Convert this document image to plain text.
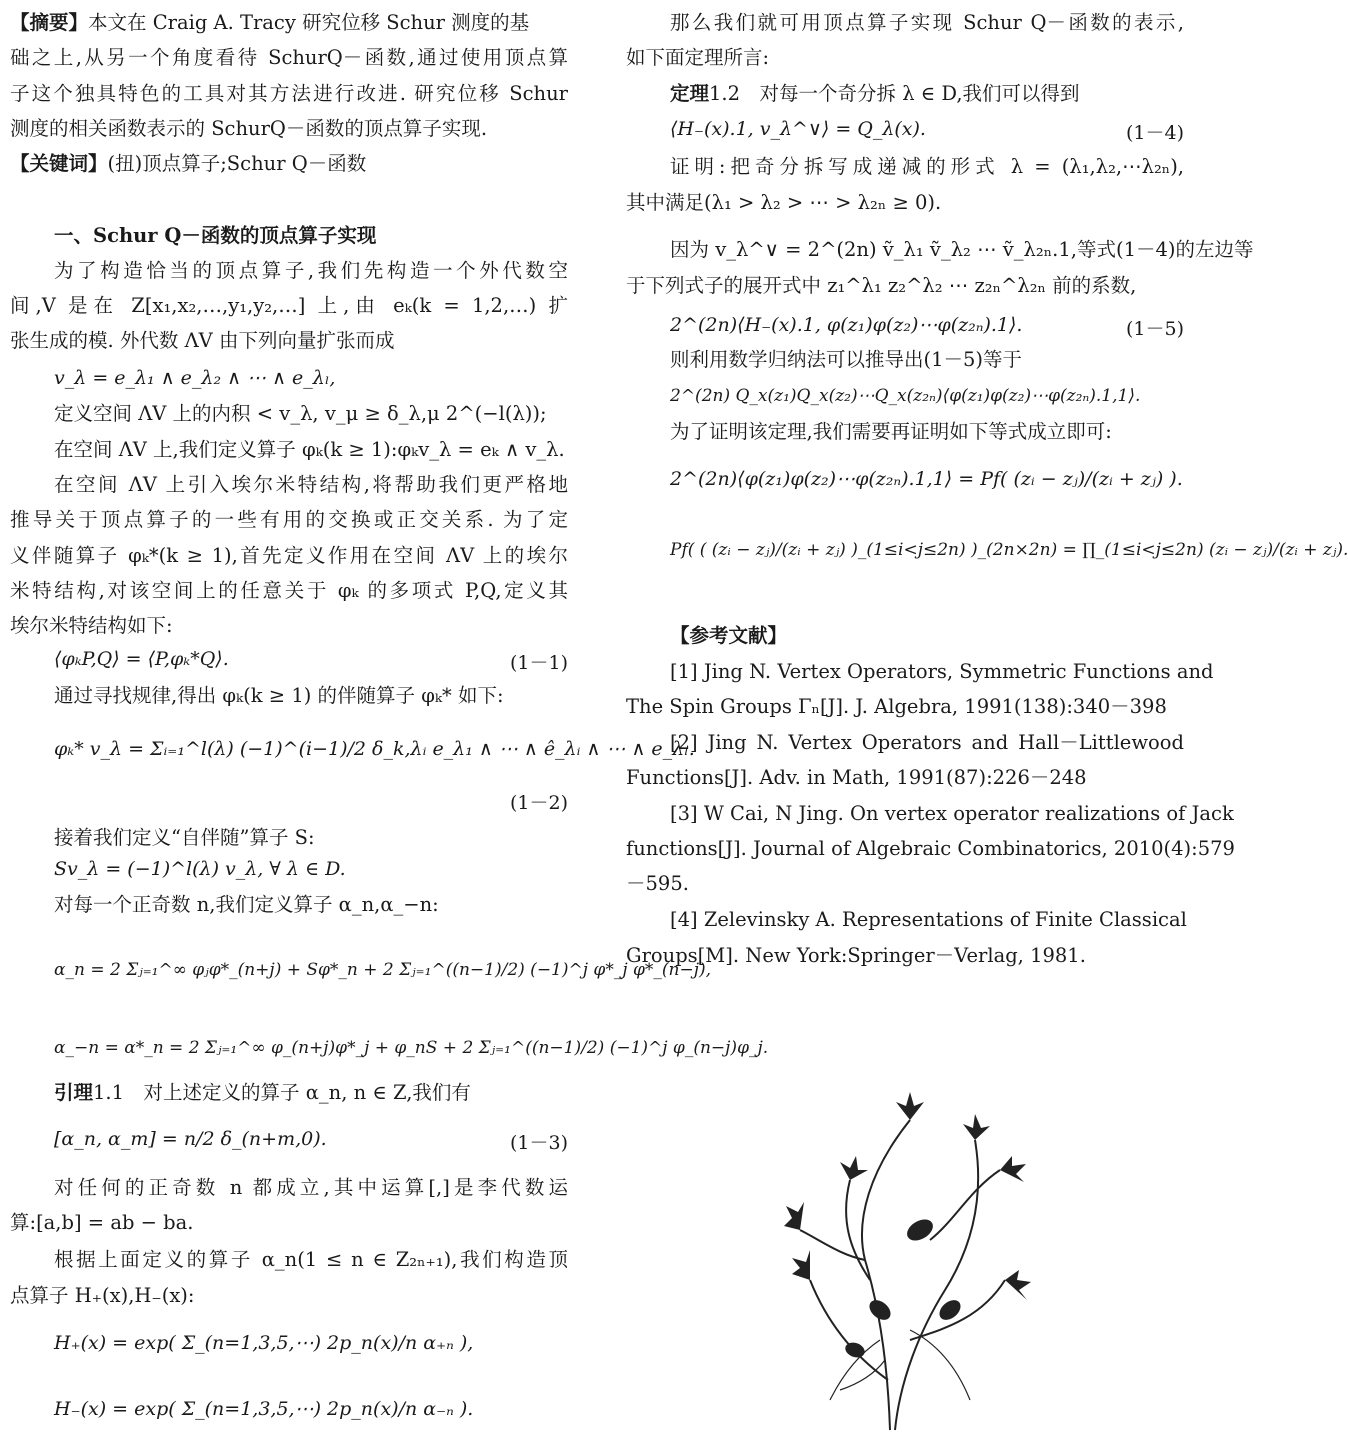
【摘要】本文在 Craig A. Tracy 研究位移 Schur 测度的基
础之上,从另一个角度看待 SchurQ－函数,通过使用顶点算
子这个独具特色的工具对其方法进行改进. 研究位移 Schur
测度的相关函数表示的 SchurQ－函数的顶点算子实现.
【关键词】(扭)顶点算子;Schur Q－函数
一、Schur Q－函数的顶点算子实现
为了构造恰当的顶点算子,我们先构造一个外代数空
间,V 是在 Z[x₁,x₂,…,y₁,y₂,…] 上,由 eₖ(k = 1,2,…) 扩
张生成的模. 外代数 ΛV 由下列向量扩张而成
v_λ = e_λ₁ ∧ e_λ₂ ∧ ⋯ ∧ e_λₗ,
定义空间 ΛV 上的内积 < v_λ, v_μ ≥ δ_λ,μ 2^(−l(λ));
在空间 ΛV 上,我们定义算子 φₖ(k ≥ 1):φₖv_λ = eₖ ∧ v_λ.
在空间 ΛV 上引入埃尔米特结构,将帮助我们更严格地
推导关于顶点算子的一些有用的交换或正交关系. 为了定
义伴随算子 φₖ*(k ≥ 1),首先定义作用在空间 ΛV 上的埃尔
米特结构,对该空间上的任意关于 φₖ 的多项式 P,Q,定义其
埃尔米特结构如下:
⟨φₖP,Q⟩ = ⟨P,φₖ*Q⟩.	(1－1)
通过寻找规律,得出 φₖ(k ≥ 1) 的伴随算子 φₖ* 如下:
φₖ* v_λ = Σᵢ₌₁^l(λ) (−1)^(i−1)/2 δ_k,λᵢ e_λ₁ ∧ ⋯ ∧ ê_λᵢ ∧ ⋯ ∧ e_λₗ.
(1－2)
接着我们定义“自伴随”算子 S:
Sv_λ = (−1)^l(λ) v_λ, ∀ λ ∈ D.
对每一个正奇数 n,我们定义算子 α_n,α_−n:
α_n = 2 Σⱼ₌₁^∞ φⱼφ*_(n+j) + Sφ*_n + 2 Σⱼ₌₁^((n−1)/2) (−1)^j φ*_j φ*_(n−j),
α_−n = α*_n = 2 Σⱼ₌₁^∞ φ_(n+j)φ*_j + φ_nS + 2 Σⱼ₌₁^((n−1)/2) (−1)^j φ_(n−j)φ_j.
引理1.1　对上述定义的算子 α_n, n ∈ Z,我们有
[α_n, α_m] = n/2 δ_(n+m,0).	(1－3)
对任何的正奇数 n 都成立,其中运算[,]是李代数运
算:[a,b] = ab − ba.
根据上面定义的算子 α_n(1 ≤ n ∈ Z₂ₙ₊₁),我们构造顶
点算子 H₊(x),H₋(x):
H₊(x) = exp( Σ_(n=1,3,5,⋯) 2p_n(x)/n α₊ₙ ),
H₋(x) = exp( Σ_(n=1,3,5,⋯) 2p_n(x)/n α₋ₙ ).
那么我们就可用顶点算子实现 Schur Q－函数的表示,
如下面定理所言:
定理1.2　对每一个奇分拆 λ ∈ D,我们可以得到
⟨H₋(x).1, v_λ^∨⟩ = Q_λ(x).	(1－4)
证明:把奇分拆写成递减的形式 λ = (λ₁,λ₂,⋯λ₂ₙ),
其中满足(λ₁ > λ₂ > ⋯ > λ₂ₙ ≥ 0).
因为 v_λ^∨ = 2^(2n) ṽ_λ₁ ṽ_λ₂ ⋯ ṽ_λ₂ₙ.1,等式(1－4)的左边等
于下列式子的展开式中 z₁^λ₁ z₂^λ₂ ⋯ z₂ₙ^λ₂ₙ 前的系数,
2^(2n)⟨H₋(x).1, φ(z₁)φ(z₂)⋯φ(z₂ₙ).1⟩.	(1－5)
则利用数学归纳法可以推导出(1－5)等于
2^(2n) Q_x(z₁)Q_x(z₂)⋯Q_x(z₂ₙ)⟨φ(z₁)φ(z₂)⋯φ(z₂ₙ).1,1⟩.
为了证明该定理,我们需要再证明如下等式成立即可:
2^(2n)⟨φ(z₁)φ(z₂)⋯φ(z₂ₙ).1,1⟩ = Pf( (zᵢ − zⱼ)/(zᵢ + zⱼ) ).
Pf( ( (zᵢ − zⱼ)/(zᵢ + zⱼ) )_(1≤i<j≤2n) )_(2n×2n) = ∏_(1≤i<j≤2n) (zᵢ − zⱼ)/(zᵢ + zⱼ).
【参考文献】
[1] Jing N. Vertex Operators, Symmetric Functions and
The Spin Groups Γₙ[J]. J. Algebra, 1991(138):340－398
[2] Jing N. Vertex Operators and Hall－Littlewood
Functions[J]. Adv. in Math, 1991(87):226－248
[3] W Cai, N Jing. On vertex operator realizations of Jack
functions[J]. Journal of Algebraic Combinatorics, 2010(4):579
－595.
[4] Zelevinsky A. Representations of Finite Classical
Groups[M]. New York:Springer－Verlag, 1981.
